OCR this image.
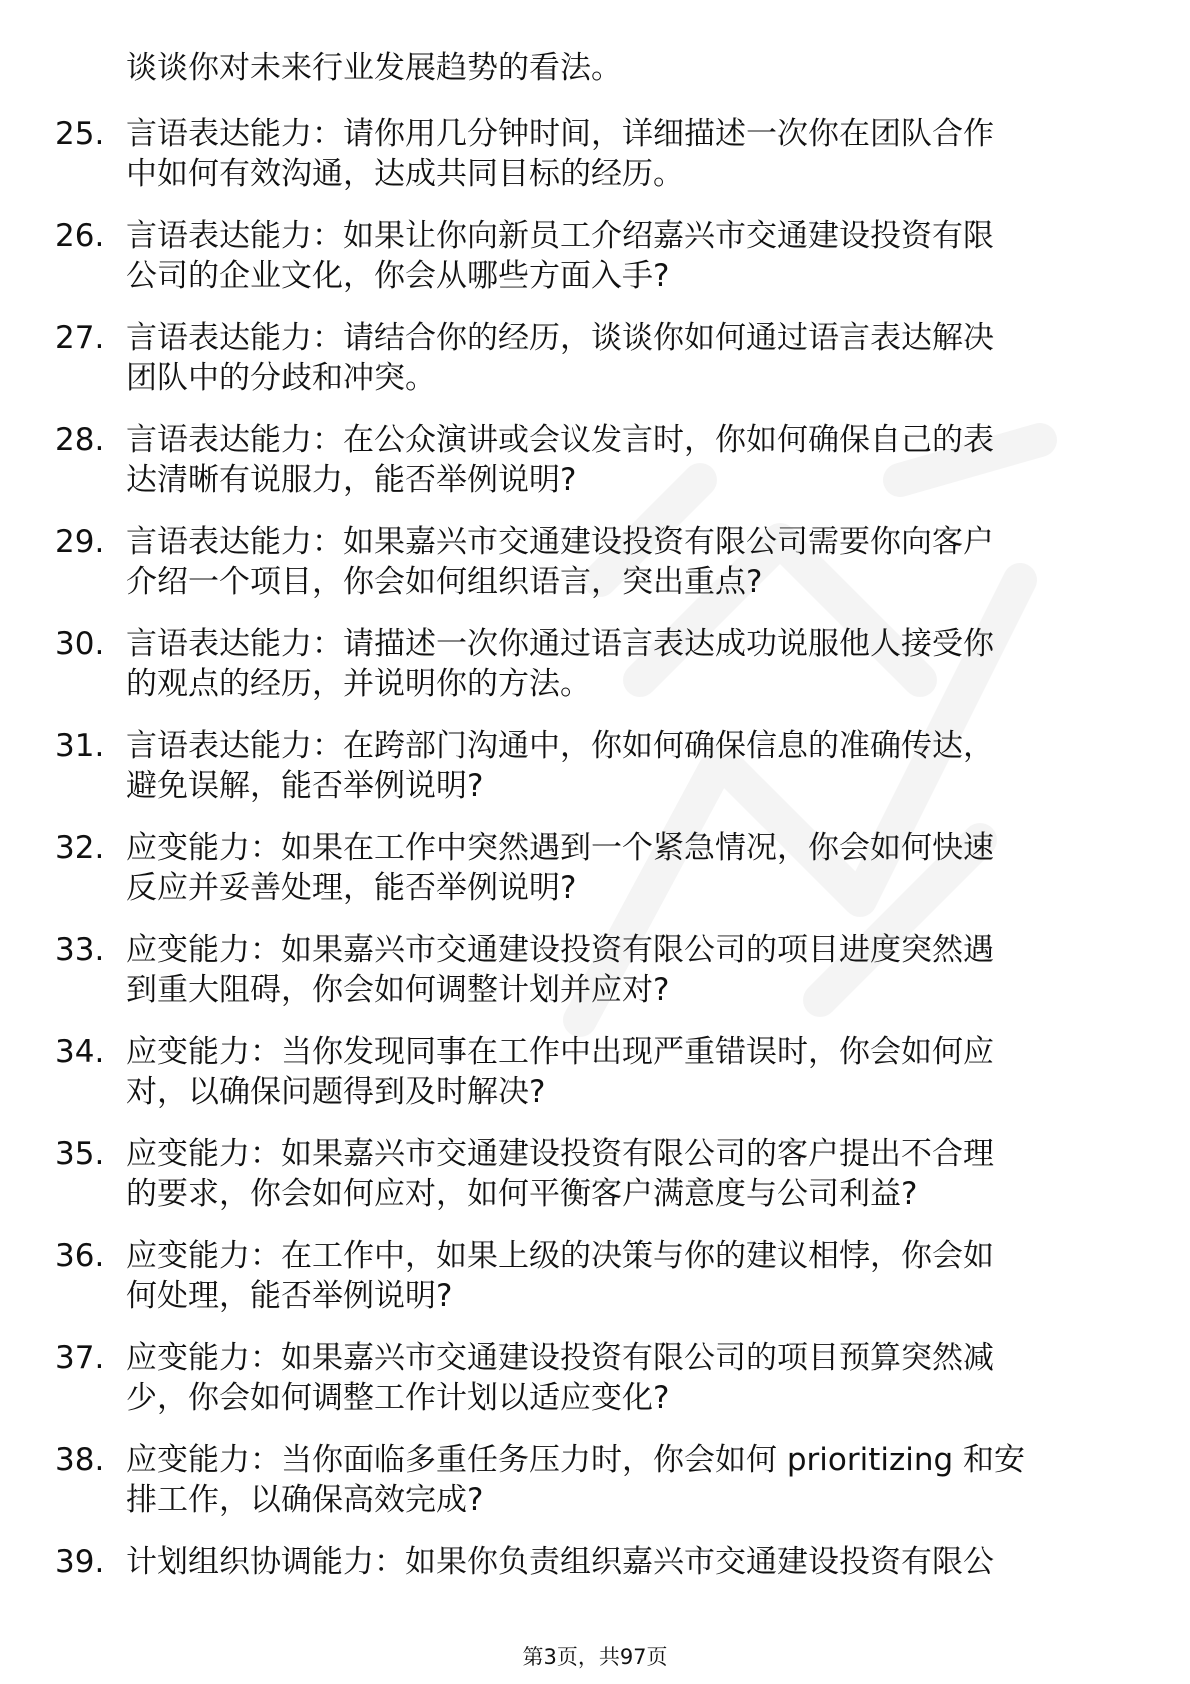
谈谈你对未来行业发展趋势的看法。
25. 言语表达能力：请你用几分钟时间，详细描述一次你在团队合作
中如何有效沟通，达成共同目标的经历。
26. 言语表达能力：如果让你向新员工介绍嘉兴市交通建设投资有限
公司的企业文化，你会从哪些方面入手?
27. 言语表达能力：请结合你的经历，谈谈你如何通过语言表达解决
团队中的分歧和冲突。
28. 言语表达能力：在公众演讲或会议发言时，你如何确保自己的表
达清晰有说服力，能否举例说明?
29. 言语表达能力：如果嘉兴市交通建设投资有限公司需要你向客户
介绍一个项目，你会如何组织语言，突出重点?
30. 言语表达能力：请描述一次你通过语言表达成功说服他人接受你
的观点的经历，并说明你的方法。
31. 言语表达能力：在跨部门沟通中，你如何确保信息的准确传达，
避免误解，能否举例说明?
32. 应变能力：如果在工作中突然遇到一个紧急情况，你会如何快速
反应并妥善处理，能否举例说明?
33. 应变能力：如果嘉兴市交通建设投资有限公司的项目进度突然遇
到重大阻碍，你会如何调整计划并应对?
34. 应变能力：当你发现同事在工作中出现严重错误时，你会如何应
对，以确保问题得到及时解决?
35. 应变能力：如果嘉兴市交通建设投资有限公司的客户提出不合理
的要求，你会如何应对，如何平衡客户满意度与公司利益?
36. 应变能力：在工作中，如果上级的决策与你的建议相悖，你会如
何处理，能否举例说明?
37. 应变能力：如果嘉兴市交通建设投资有限公司的项目预算突然减
少，你会如何调整工作计划以适应变化?
38. 应变能力：当你面临多重任务压力时，你会如何 prioritizing 和安
排工作，以确保高效完成?
39. 计划组织协调能力：如果你负责组织嘉兴市交通建设投资有限公
第3页，共97页
